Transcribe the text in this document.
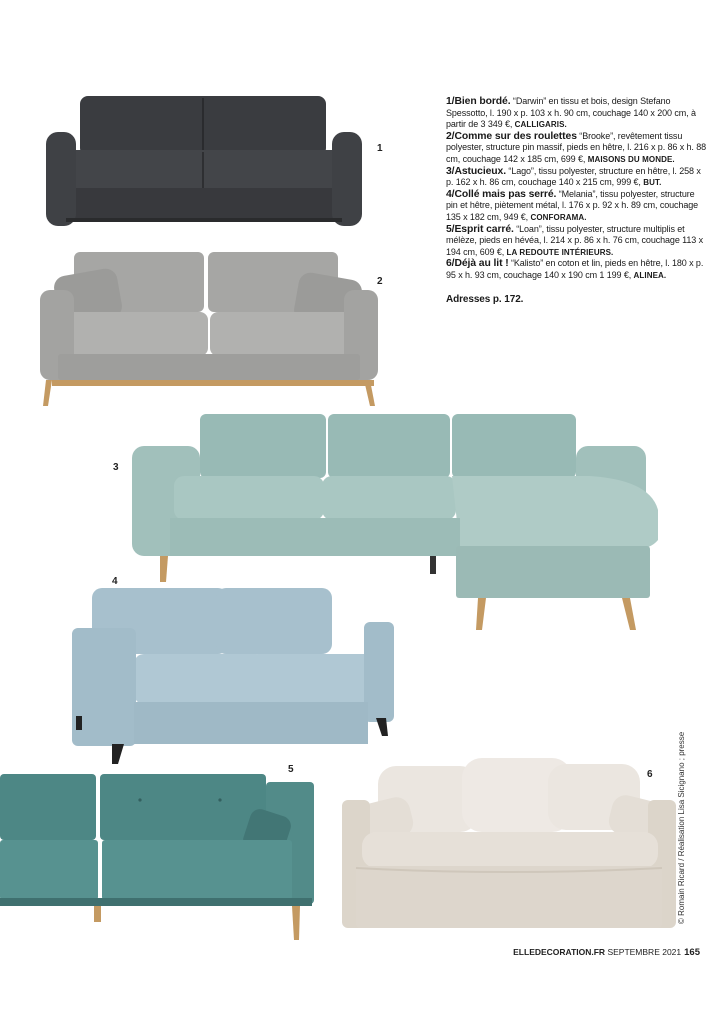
1
2
3
4
5	6

1/Bien bordé. “Darwin” en tissu et bois, design Stefano Spessotto, l. 190 x p. 103 x h. 90 cm, couchage 140 x 200 cm, à partir de 3 349 €, CALLIGARIS.

2/Comme sur des roulettes “Brooke”, revêtement tissu polyester, structure pin massif, pieds en hêtre, l. 216 x p. 86 x h. 88 cm, couchage 142 x 185 cm, 699 €, MAISONS DU MONDE.

3/Astucieux. “Lago”, tissu polyester, structure en hêtre, l. 258 x p. 162 x h. 86 cm, couchage 140 x 215 cm, 999 €, BUT.

4/Collé mais pas serré. “Melania”, tissu polyester, structure pin et hêtre, piètement métal, l. 176 x p. 92 x h. 89 cm, couchage 135 x 182 cm, 949 €, CONFORAMA.

5/Esprit carré. “Loan”, tissu polyester, structure multiplis et mélèze, pieds en hévéa, l. 214 x p. 86 x h. 76 cm, couchage 113 x 194 cm, 609 €, LA REDOUTE INTÉRIEURS.

6/Déjà au lit ! “Kalisto” en coton et lin, pieds en hêtre, l. 180 x p. 95 x h. 93 cm, couchage 140 x 190 cm 1 199 €, ALINEA.

Adresses p. 172.

© Romain Ricard / Réalisation Lisa Sicignano ; presse
ELLEDECORATION.FR SEPTEMBRE 2021 165
